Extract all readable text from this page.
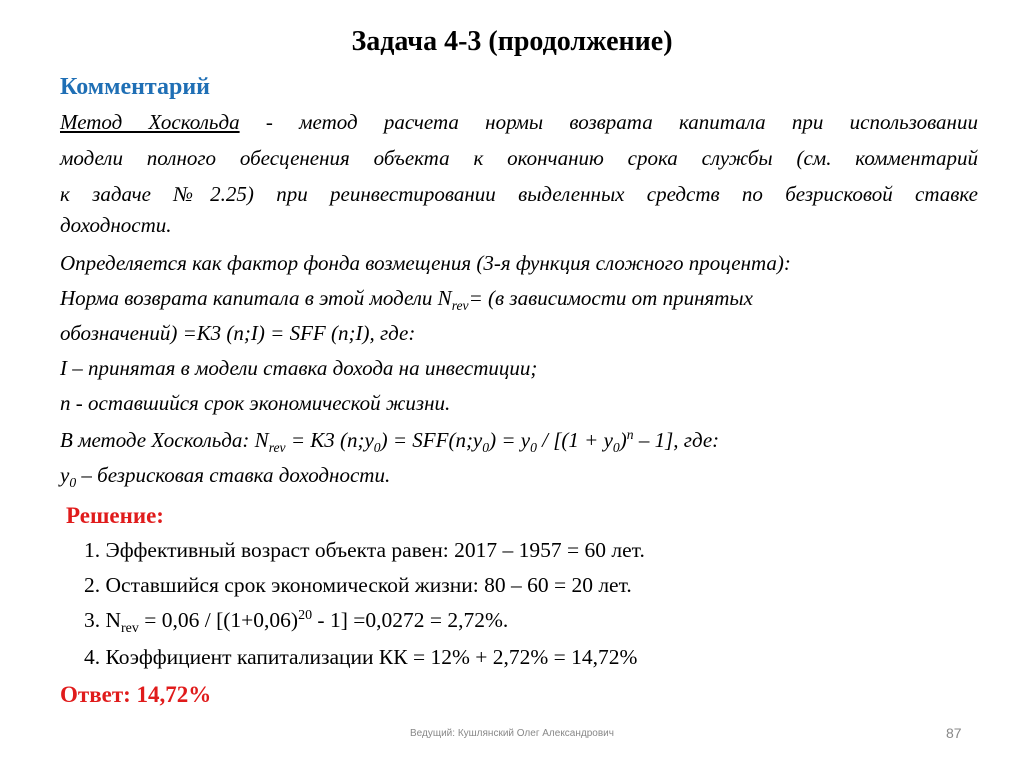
Задача 4-3 (продолжение)
Комментарий
Метод Хоскольда - метод расчета нормы возврата капитала при использовании
модели полного обесценения объекта к окончанию срока службы (см. комментарий
к задаче №2.25) при реинвестировании выделенных средств по безрисковой ставке
доходности.
Определяется как фактор фонда возмещения (3-я функция сложного процента):
Норма возврата капитала в этой модели $N_{rev}= (в$ зависимости от принятых
обозначений) =К3 (n;I) = SFF (n;I), где:
I – принятая в модели ставка дохода на инвестиции;
n - оставшийся срок экономической жизни.
В методе Хоскольда: $N_{rev} = К3$ $(n;y_0)$ = $SFF(n;y_0) = y_0 / [(1 + y_0)^n - 1]$, где:
$y_0$ – безрисковая ставка доходности.
Решение:
1. Эффективный возраст объекта равен: 2017 – 1957 = 60 лет.
2. Оставшийся срок экономической жизни: 80 – 60 = 20 лет.
3. $N_{rev} = 0,06 / [(1+0,06)^{20} - 1] =0,0272 = 2,72\%$.
4. Коэффициент капитализации КК = 12% + 2,72% = 14,72%
Ответ: 14,72%
Ведущий: Кушлянский Олег Александрович	87
